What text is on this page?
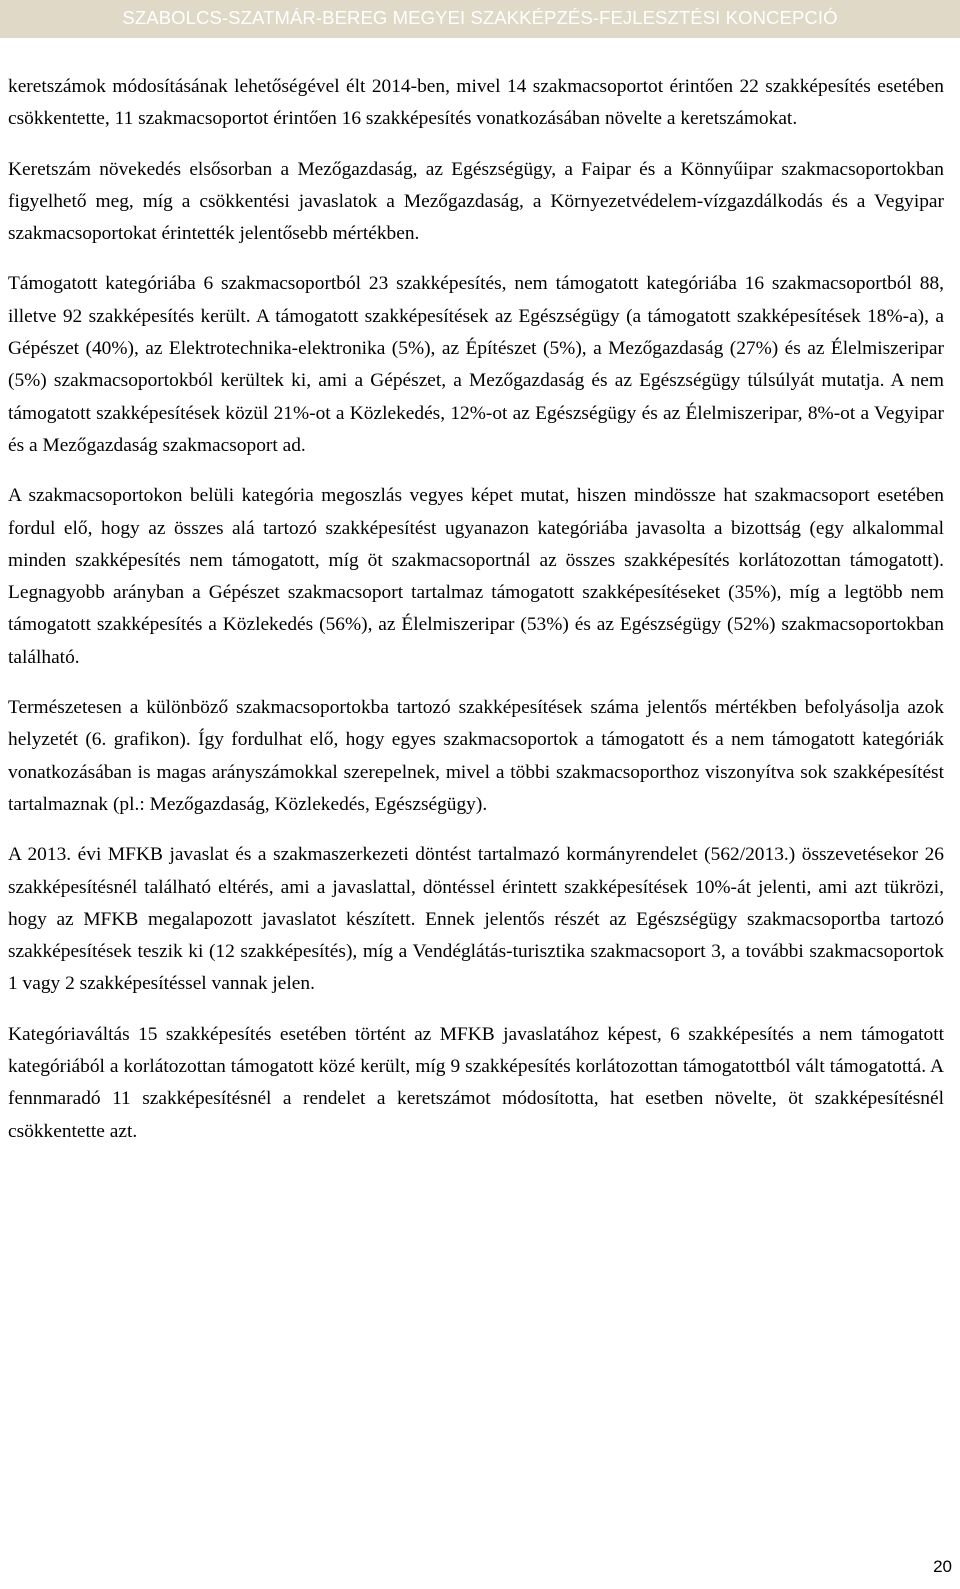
SZABOLCS-SZATMÁR-BEREG MEGYEI SZAKKÉPZÉS-FEJLESZTÉSI KONCEPCIÓ

keretszámok módosításának lehetőségével élt 2014-ben, mivel 14 szakmacsoportot érintően 22 szakképesítés esetében csökkentette, 11 szakmacsoportot érintően 16 szakképesítés vonatkozásában növelte a keretszámokat.

Keretszám növekedés elsősorban a Mezőgazdaság, az Egészségügy, a Faipar és a Könnyűipar szakmacsoportokban figyelhető meg, míg a csökkentési javaslatok a Mezőgazdaság, a Környezetvédelem-vízgazdálkodás és a Vegyipar szakmacsoportokat érintették jelentősebb mértékben.

Támogatott kategóriába 6 szakmacsoportból 23 szakképesítés, nem támogatott kategóriába 16 szakmacsoportból 88, illetve 92 szakképesítés került. A támogatott szakképesítések az Egészségügy (a támogatott szakképesítések 18%-a), a Gépészet (40%), az Elektrotechnika-elektronika (5%), az Építészet (5%), a Mezőgazdaság (27%) és az Élelmiszeripar (5%) szakmacsoportokból kerültek ki, ami a Gépészet, a Mezőgazdaság és az Egészségügy túlsúlyát mutatja. A nem támogatott szakképesítések közül 21%-ot a Közlekedés, 12%-ot az Egészségügy és az Élelmiszeripar, 8%-ot a Vegyipar és a Mezőgazdaság szakmacsoport ad.

A szakmacsoportokon belüli kategória megoszlás vegyes képet mutat, hiszen mindössze hat szakmacsoport esetében fordul elő, hogy az összes alá tartozó szakképesítést ugyanazon kategóriába javasolta a bizottság (egy alkalommal minden szakképesítés nem támogatott, míg öt szakmacsoportnál az összes szakképesítés korlátozottan támogatott). Legnagyobb arányban a Gépészet szakmacsoport tartalmaz támogatott szakképesítéseket (35%), míg a legtöbb nem támogatott szakképesítés a Közlekedés (56%), az Élelmiszeripar (53%) és az Egészségügy (52%) szakmacsoportokban található.

Természetesen a különböző szakmacsoportokba tartozó szakképesítések száma jelentős mértékben befolyásolja azok helyzetét (6. grafikon). Így fordulhat elő, hogy egyes szakmacsoportok a támogatott és a nem támogatott kategóriák vonatkozásában is magas arányszámokkal szerepelnek, mivel a többi szakmacsoporthoz viszonyítva sok szakképesítést tartalmaznak (pl.: Mezőgazdaság, Közlekedés, Egészségügy).

A 2013. évi MFKB javaslat és a szakmaszerkezeti döntést tartalmazó kormányrendelet (562/2013.) összevetésekor 26 szakképesítésnél található eltérés, ami a javaslattal, döntéssel érintett szakképesítések 10%-át jelenti, ami azt tükrözi, hogy az MFKB megalapozott javaslatot készített. Ennek jelentős részét az Egészségügy szakmacsoportba tartozó szakképesítések teszik ki (12 szakképesítés), míg a Vendéglátás-turisztika szakmacsoport 3, a további szakmacsoportok 1 vagy 2 szakképesítéssel vannak jelen.

Kategóriaváltás 15 szakképesítés esetében történt az MFKB javaslatához képest, 6 szakképesítés a nem támogatott kategóriából a korlátozottan támogatott közé került, míg 9 szakképesítés korlátozottan támogatottból vált támogatottá. A fennmaradó 11 szakképesítésnél a rendelet a keretszámot módosította, hat esetben növelte, öt szakképesítésnél csökkentette azt.

20
